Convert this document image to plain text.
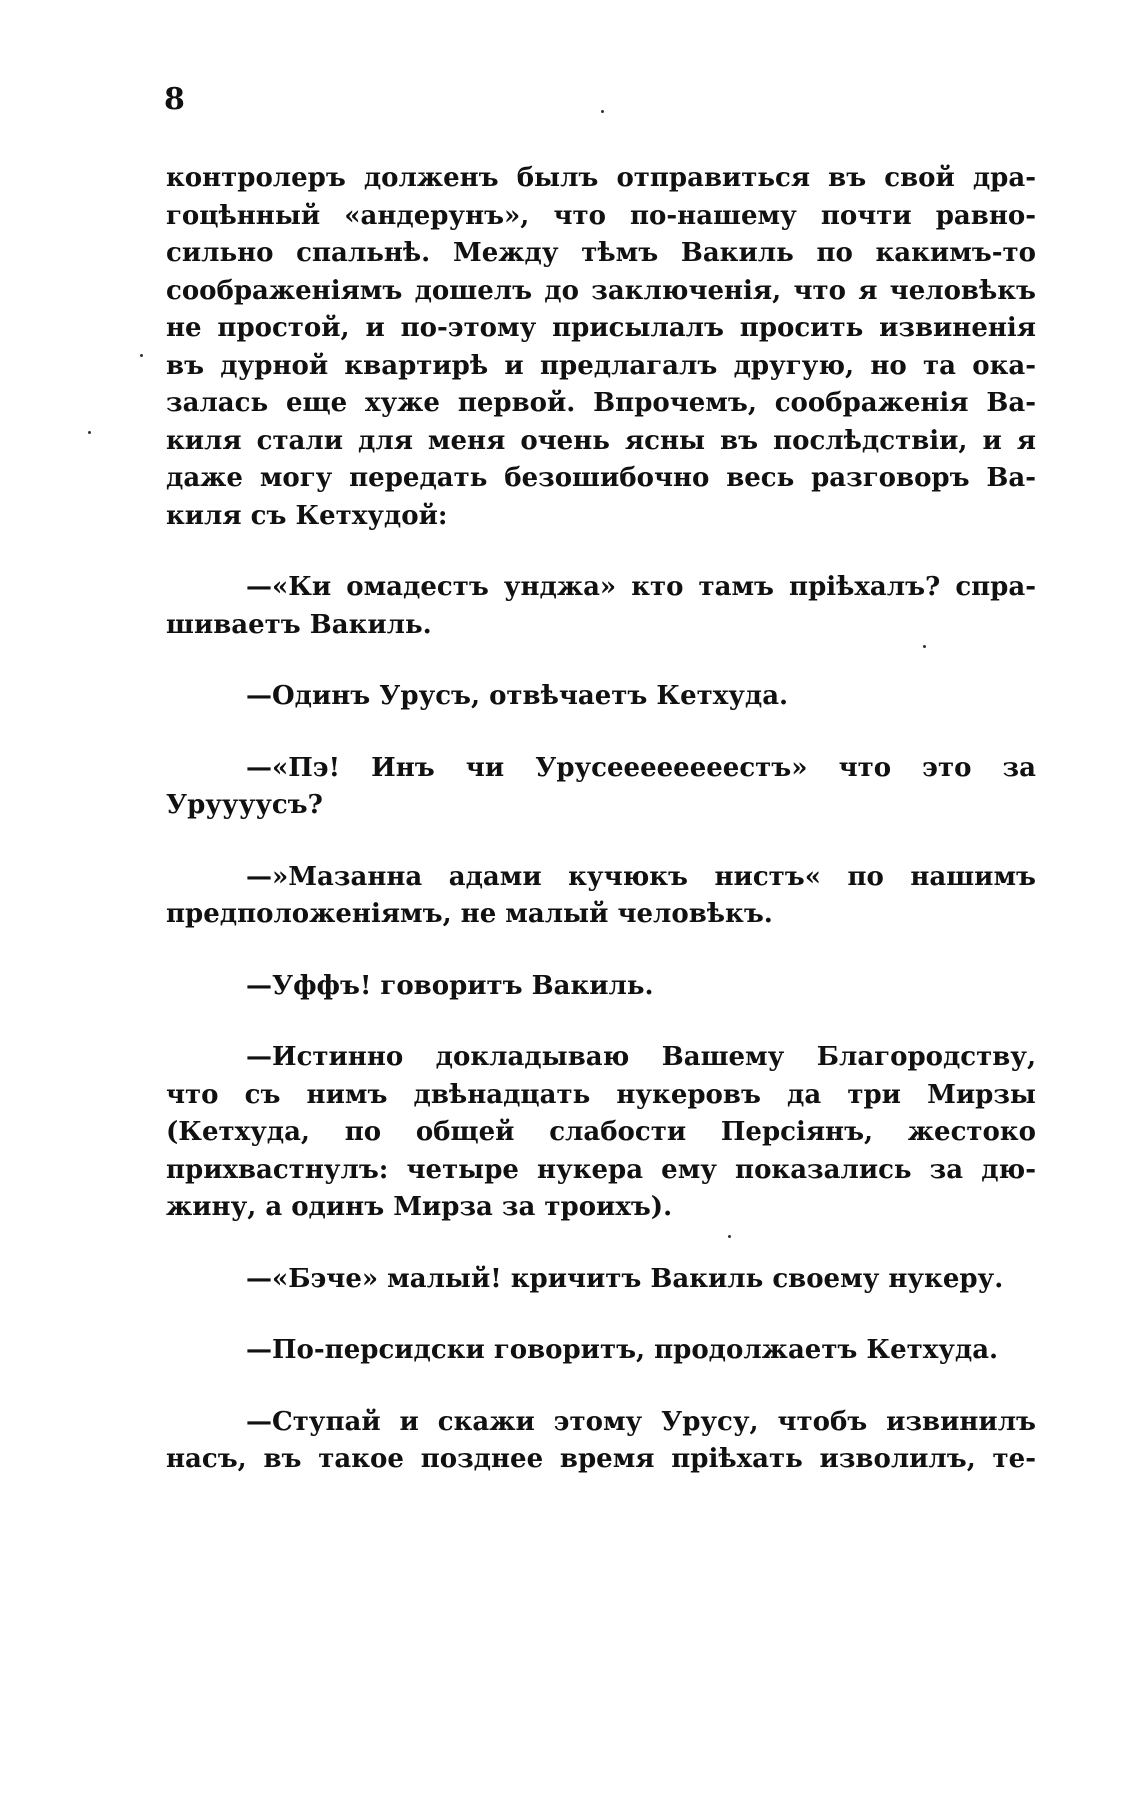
8

контролеръ долженъ былъ отправиться въ свой дра-
гоцѣнный «андерунъ», что по-нашему почти равно-
сильно спальнѣ. Между тѣмъ Вакиль по какимъ-то
соображеніямъ дошелъ до заключенія, что я человѣкъ
не простой, и по-этому присылалъ просить извиненія
въ дурной квартирѣ и предлагалъ другую, но та ока-
залась еще хуже первой. Впрочемъ, соображенія Ва-
киля стали для меня очень ясны въ послѣдствіи, и я
даже могу передать безошибочно весь разговоръ Ва-
киля съ Кетхудой:

—«Ки омадестъ унджа» кто тамъ пріѣхалъ? спра-
шиваетъ Вакиль.

—Одинъ Урусъ, отвѣчаетъ Кетхуда.

—«Пэ! Инъ чи Урусеееееееестъ» что это за
Уруууусъ?

—»Мазанна адами кучюкъ нистъ« по нашимъ
предположеніямъ, не малый человѣкъ.

—Уффъ! говоритъ Вакиль.

—Истинно докладываю Вашему Благородству,
что съ нимъ двѣнадцать нукеровъ да три Мирзы
(Кетхуда, по общей слабости Персіянъ, жестоко
прихвастнулъ: четыре нукера ему показались за дю-
жину, а одинъ Мирза за троихъ).

—«Бэче» малый! кричитъ Вакиль своему нукеру.

—По-персидски говоритъ, продолжаетъ Кетхуда.

—Ступай и скажи этому Урусу, чтобъ извинилъ
насъ, въ такое позднее время пріѣхать изволилъ, те-
